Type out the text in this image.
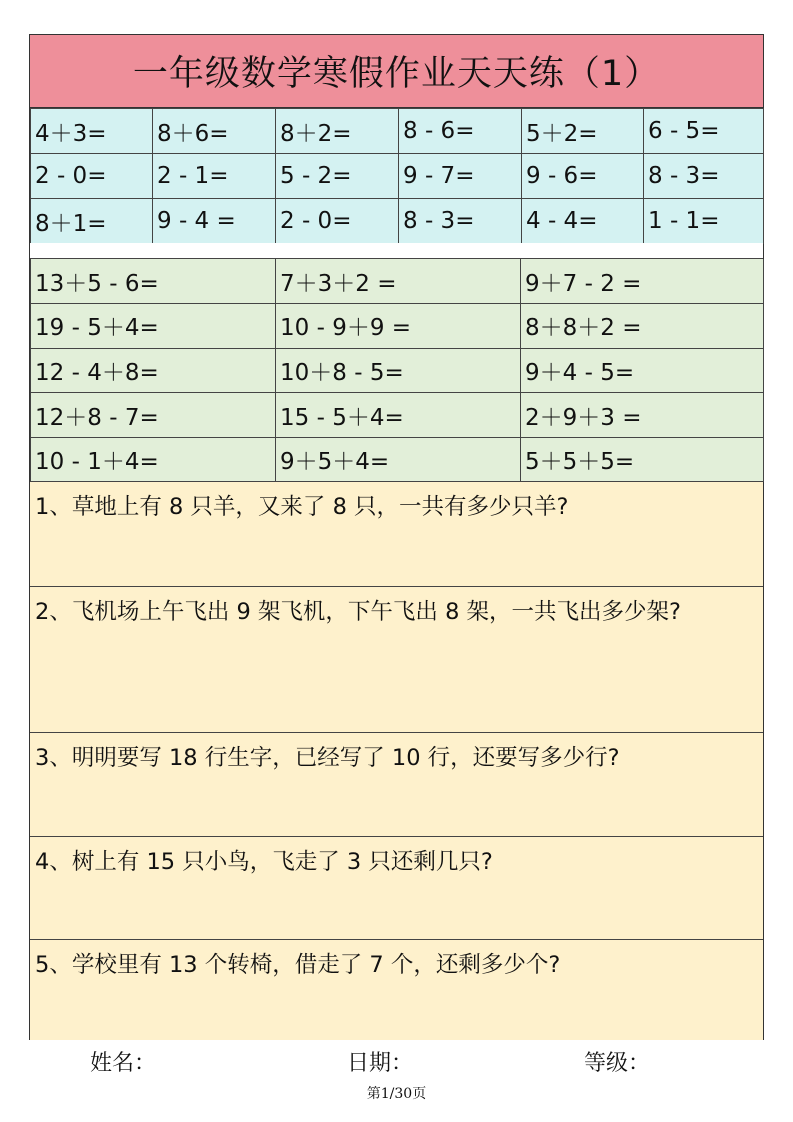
一年级数学寒假作业天天练（1）
4＋3=	8＋6=	8＋2=	8 - 6=	5＋2=	6 - 5=
2 - 0=	2 - 1=	5 - 2=	9 - 7=	9 - 6=	8 - 3=
8＋1=	9 - 4 =	2 - 0=	8 - 3=	4 - 4=	1 - 1=
13＋5 - 6=	7＋3＋2 =	9＋7 - 2 =
19 - 5＋4=	10 - 9＋9 =	8＋8＋2 =
12 - 4＋8=	10＋8 - 5=	9＋4 - 5=
12＋8 - 7=	15 - 5＋4=	2＋9＋3 =
10 - 1＋4=	9＋5＋4=	5＋5＋5=
1、草地上有 8 只羊，又来了 8 只，一共有多少只羊?
2、飞机场上午飞出 9 架飞机，下午飞出 8 架，一共飞出多少架?
3、明明要写 18 行生字，已经写了 10 行，还要写多少行?
4、树上有 15 只小鸟，飞走了 3 只还剩几只?
5、学校里有 13 个转椅，借走了 7 个，还剩多少个?
姓名：	日期：	等级：
第1/30页
